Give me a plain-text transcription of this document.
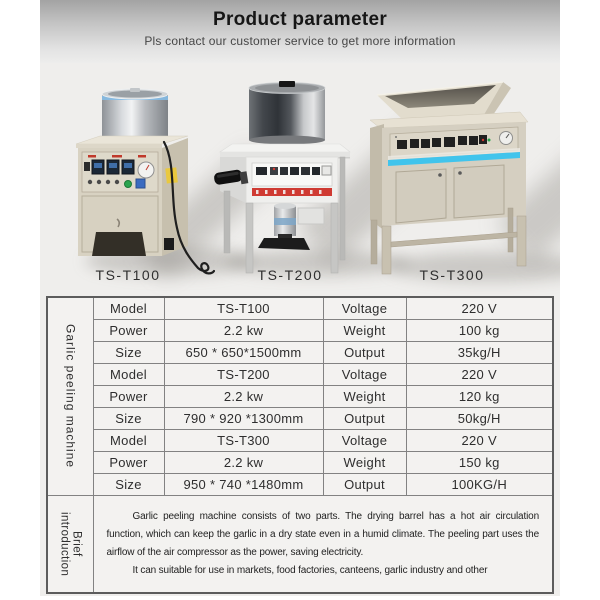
Product parameter
Pls contact our customer service to get more information
TS-T100	TS-T200	TS-T300
Garlic peeling machine	Model	TS-T100	Voltage	220 V
	Power	2.2 kw	Weight	100 kg
	Size	650 * 650*1500mm	Output	35kg/H
	Model	TS-T200	Voltage	220 V
	Power	2.2 kw	Weight	120 kg
	Size	790 * 920 *1300mm	Output	50kg/H
	Model	TS-T300	Voltage	220 V
	Power	2.2 kw	Weight	150 kg
	Size	950 * 740 *1480mm	Output	100KG/H
Brief introduction	Garlic peeling machine consists of two parts. The drying barrel has a hot air circulation function, which can keep the garlic in a dry state even in a humid climate. The peeling part uses the airflow of the air compressor as the power, saving electricity.

It can suitable for use in markets, food factories, canteens, garlic industry and other			
